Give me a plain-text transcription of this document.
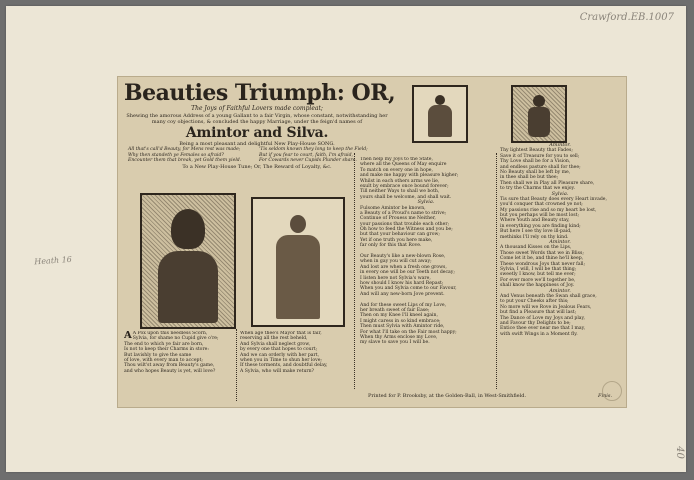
Crawford.EB.1007
Heath 16
40
Beauties Triumph: OR,
The Joys of Faithful Lovers made compleat;
Shewing the amorous Address of a young Gallant to a fair Virgin, whose constant, notwithstanding her many coy objections, & concluded the happy Marriage, under the feign'd names of
Amintor and Silva.
Being a most pleasant and delightful New Play-House SONG.
All that's call'd Beauty, for Mens rest was made;
Why then standeth ye Females so afraid?
Encounter them that break, yet Gold them yield.
'Tis seldom known they long to keep the Field;
But if you fear to court, faith, I'm afraid,
For Cowards never Cupids Plunder share.
To a New Play-House Tune; Or, The Reward of Loyalty, &c.
A A Pox upon this needless Scorn,
Sylvia, for shame no Cupid give o're;
The end to which ye fair are born,
Is not to keep their Charms in store:
But lavishly to give the same
of love, with every man to accept;
Thou wilt'st away from Beauty's game,
and who hopes Beauty is yet, will love?
When age thee's Mayor that is fair,
reserving all the rest beheld,
And Sylvia shall neglect grow,
by every one that hopes to court;
And we can orderly with her part,
when you in Time to shun her love;
If these torments, and doubtful delay,
A Sylvia, who will make return?
Then help my Joys to the State,
where all the Queens of May enquire
To match on every one in hope,
and make me happy with pleasure higher;
Whilst in each others arms we lie,
exult by embrace once bound forever;
Till neither Ways to shall we both,
yours shall be welcome, and shall wait.
Sylvia.
Fulsome Amintor be known,
a Beauty of a Proud's name to strive;
Continue of Prouess me Neither,
your passions that trouble each other;
Oh how to feed the Witness and you be;
but that your behaviour can grow;
Yet if one truth you here make,
far only for this that Rove.
Our Beauty's like a new-blown Rose,
when in gay you will cut away;
And lost are when a fresh one grows,
in every one will be our Teeth not decay;
I listen here not Sylvia's ware,
how should I know his hard Repast;
When you and Sylvia come to our Favour,
And will any new-born Jove prevent.
And for these sweet Lips of my Love,
her breath sweet of fair Ease;
Then on my Knee I'll kneel again,
I might caress in so kind embrace;
Then must Sylvia with Amintor ride,
For what I'll take on the Fair most happy;
When thy Arms enclose my Love,
my slave to save you I will be.
Amintor.
Thy lightest Beauty that Fades;
Save it of Treasure for you to sell;
Thy Love shall be for a Vision,
and endless pasture shall for thee;
No Beauty shall be left by me,
in thee shall be but thee;
Then shall we in Play all Pleasure share,
to try the Charms that we enjoy.
Sylvia.
Tis sure that Beauty does every Heart invade,
you'd conquer that crowned ye not;
My passions rise and so my heart be lost,
but you perhaps will be most lost;
Where Youth and Beauty stay,
in everything you are finding kind;
But here I see thy love ill-paid,
methinks I'll rely on thy kind.
Amintor.
A thousand Kisses on the Lips,
Those sweet Words that we in Bliss;
Come let it be, and thine he'll keep,
These wondrous Joys that never fall;
Sylvia, I will, I will be that thing;
sweetly I know, but tell me ever;
For ever more we'll together be,
shall know the happiness of Joy.
Amintor.
And Venus beneath the Swan shall grace,
to put your Cheeks after this;
No more will we Rove in Jealous Fears,
but find a Pleasure that will last;
The Dance of Love my Joys and play,
and Favour thy Delights to be;
Entice thee ever near me that I may,
with swift Wings in a Moment fly.
Printed for P. Brooksby, at the Golden-Ball, in West-Smithfield.	Finis.
